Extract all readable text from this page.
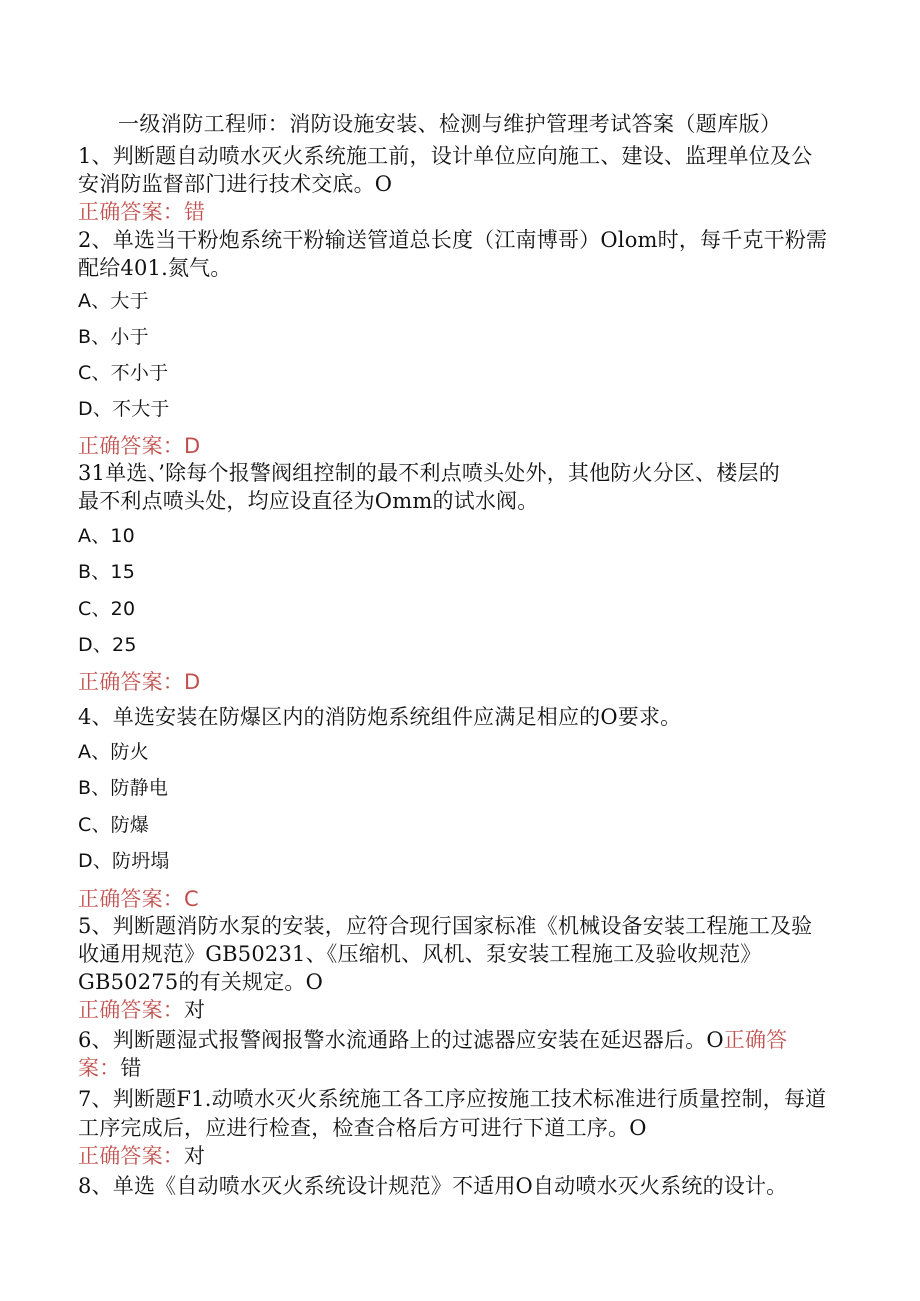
一级消防工程师：消防设施安装、检测与维护管理考试答案（题库版）
1、判断题自动喷水灭火系统施工前，设计单位应向施工、建设、监理单位及公
安消防监督部门进行技术交底。O
正确答案：错
2、单选当干粉炮系统干粉输送管道总长度（江南博哥）Olom时，每千克干粉需
配给401.氮气。
A、大于
B、小于
C、不小于
D、不大于
正确答案：D
31单选、’除每个报警阀组控制的最不利点喷头处外，其他防火分区、楼层的
最不利点喷头处，均应设直径为Omm的试水阀。
A、10
B、15
C、20
D、25
正确答案：D
4、单选安装在防爆区内的消防炮系统组件应满足相应的O要求。
A、防火
B、防静电
C、防爆
D、防坍塌
正确答案：C
5、判断题消防水泵的安装，应符合现行国家标准《机械设备安装工程施工及验
收通用规范》GB50231、《压缩机、风机、泵安装工程施工及验收规范》
GB50275的有关规定。O
正确答案：对
6、判断题湿式报警阀报警水流通路上的过滤器应安装在延迟器后。O正确答
案：错
7、判断题F1.动喷水灭火系统施工各工序应按施工技术标准进行质量控制，每道
工序完成后，应进行检查，检查合格后方可进行下道工序。O
正确答案：对
8、单选《自动喷水灭火系统设计规范》不适用O自动喷水灭火系统的设计。
